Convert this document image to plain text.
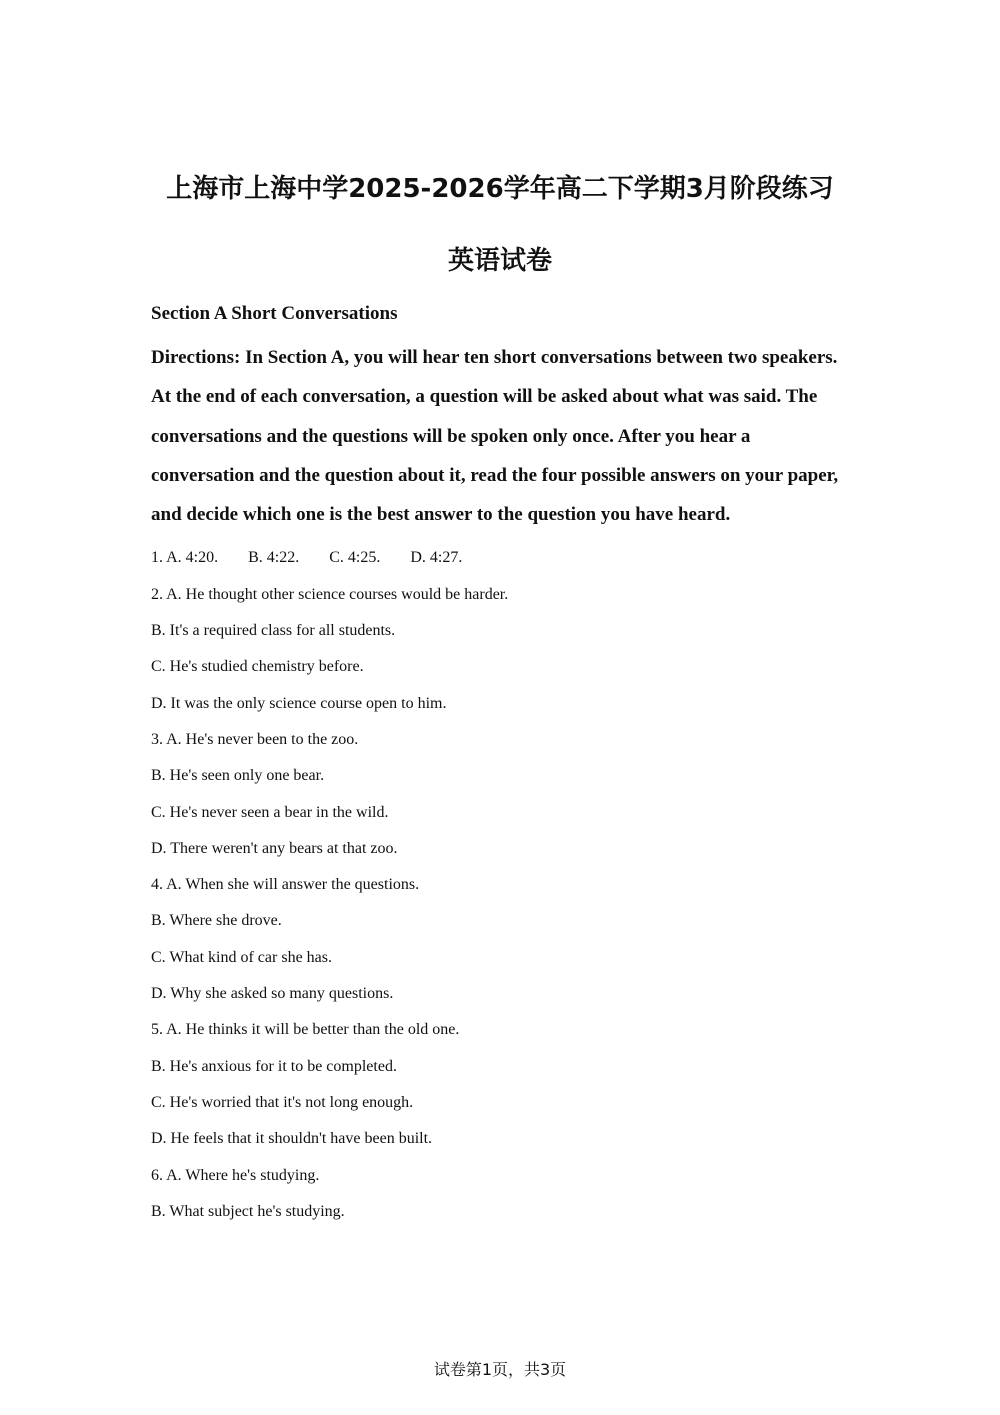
上海市上海中学2025-2026学年高二下学期3月阶段练习
英语试卷
Section A Short Conversations
Directions: In Section A, you will hear ten short conversations between two speakers. At the end of each conversation, a question will be asked about what was said. The conversations and the questions will be spoken only once. After you hear a conversation and the question about it, read the four possible answers on your paper, and decide which one is the best answer to the question you have heard.
1. A. 4:20. B. 4:22. C. 4:25. D. 4:27.
2. A. He thought other science courses would be harder.
B. It's a required class for all students.
C. He's studied chemistry before.
D. It was the only science course open to him.
3. A. He's never been to the zoo.
B. He's seen only one bear.
C. He's never seen a bear in the wild.
D. There weren't any bears at that zoo.
4. A. When she will answer the questions.
B. Where she drove.
C. What kind of car she has.
D. Why she asked so many questions.
5. A. He thinks it will be better than the old one.
B. He's anxious for it to be completed.
C. He's worried that it's not long enough.
D. He feels that it shouldn't have been built.
6. A. Where he's studying.
B. What subject he's studying.
试卷第1页，共3页
